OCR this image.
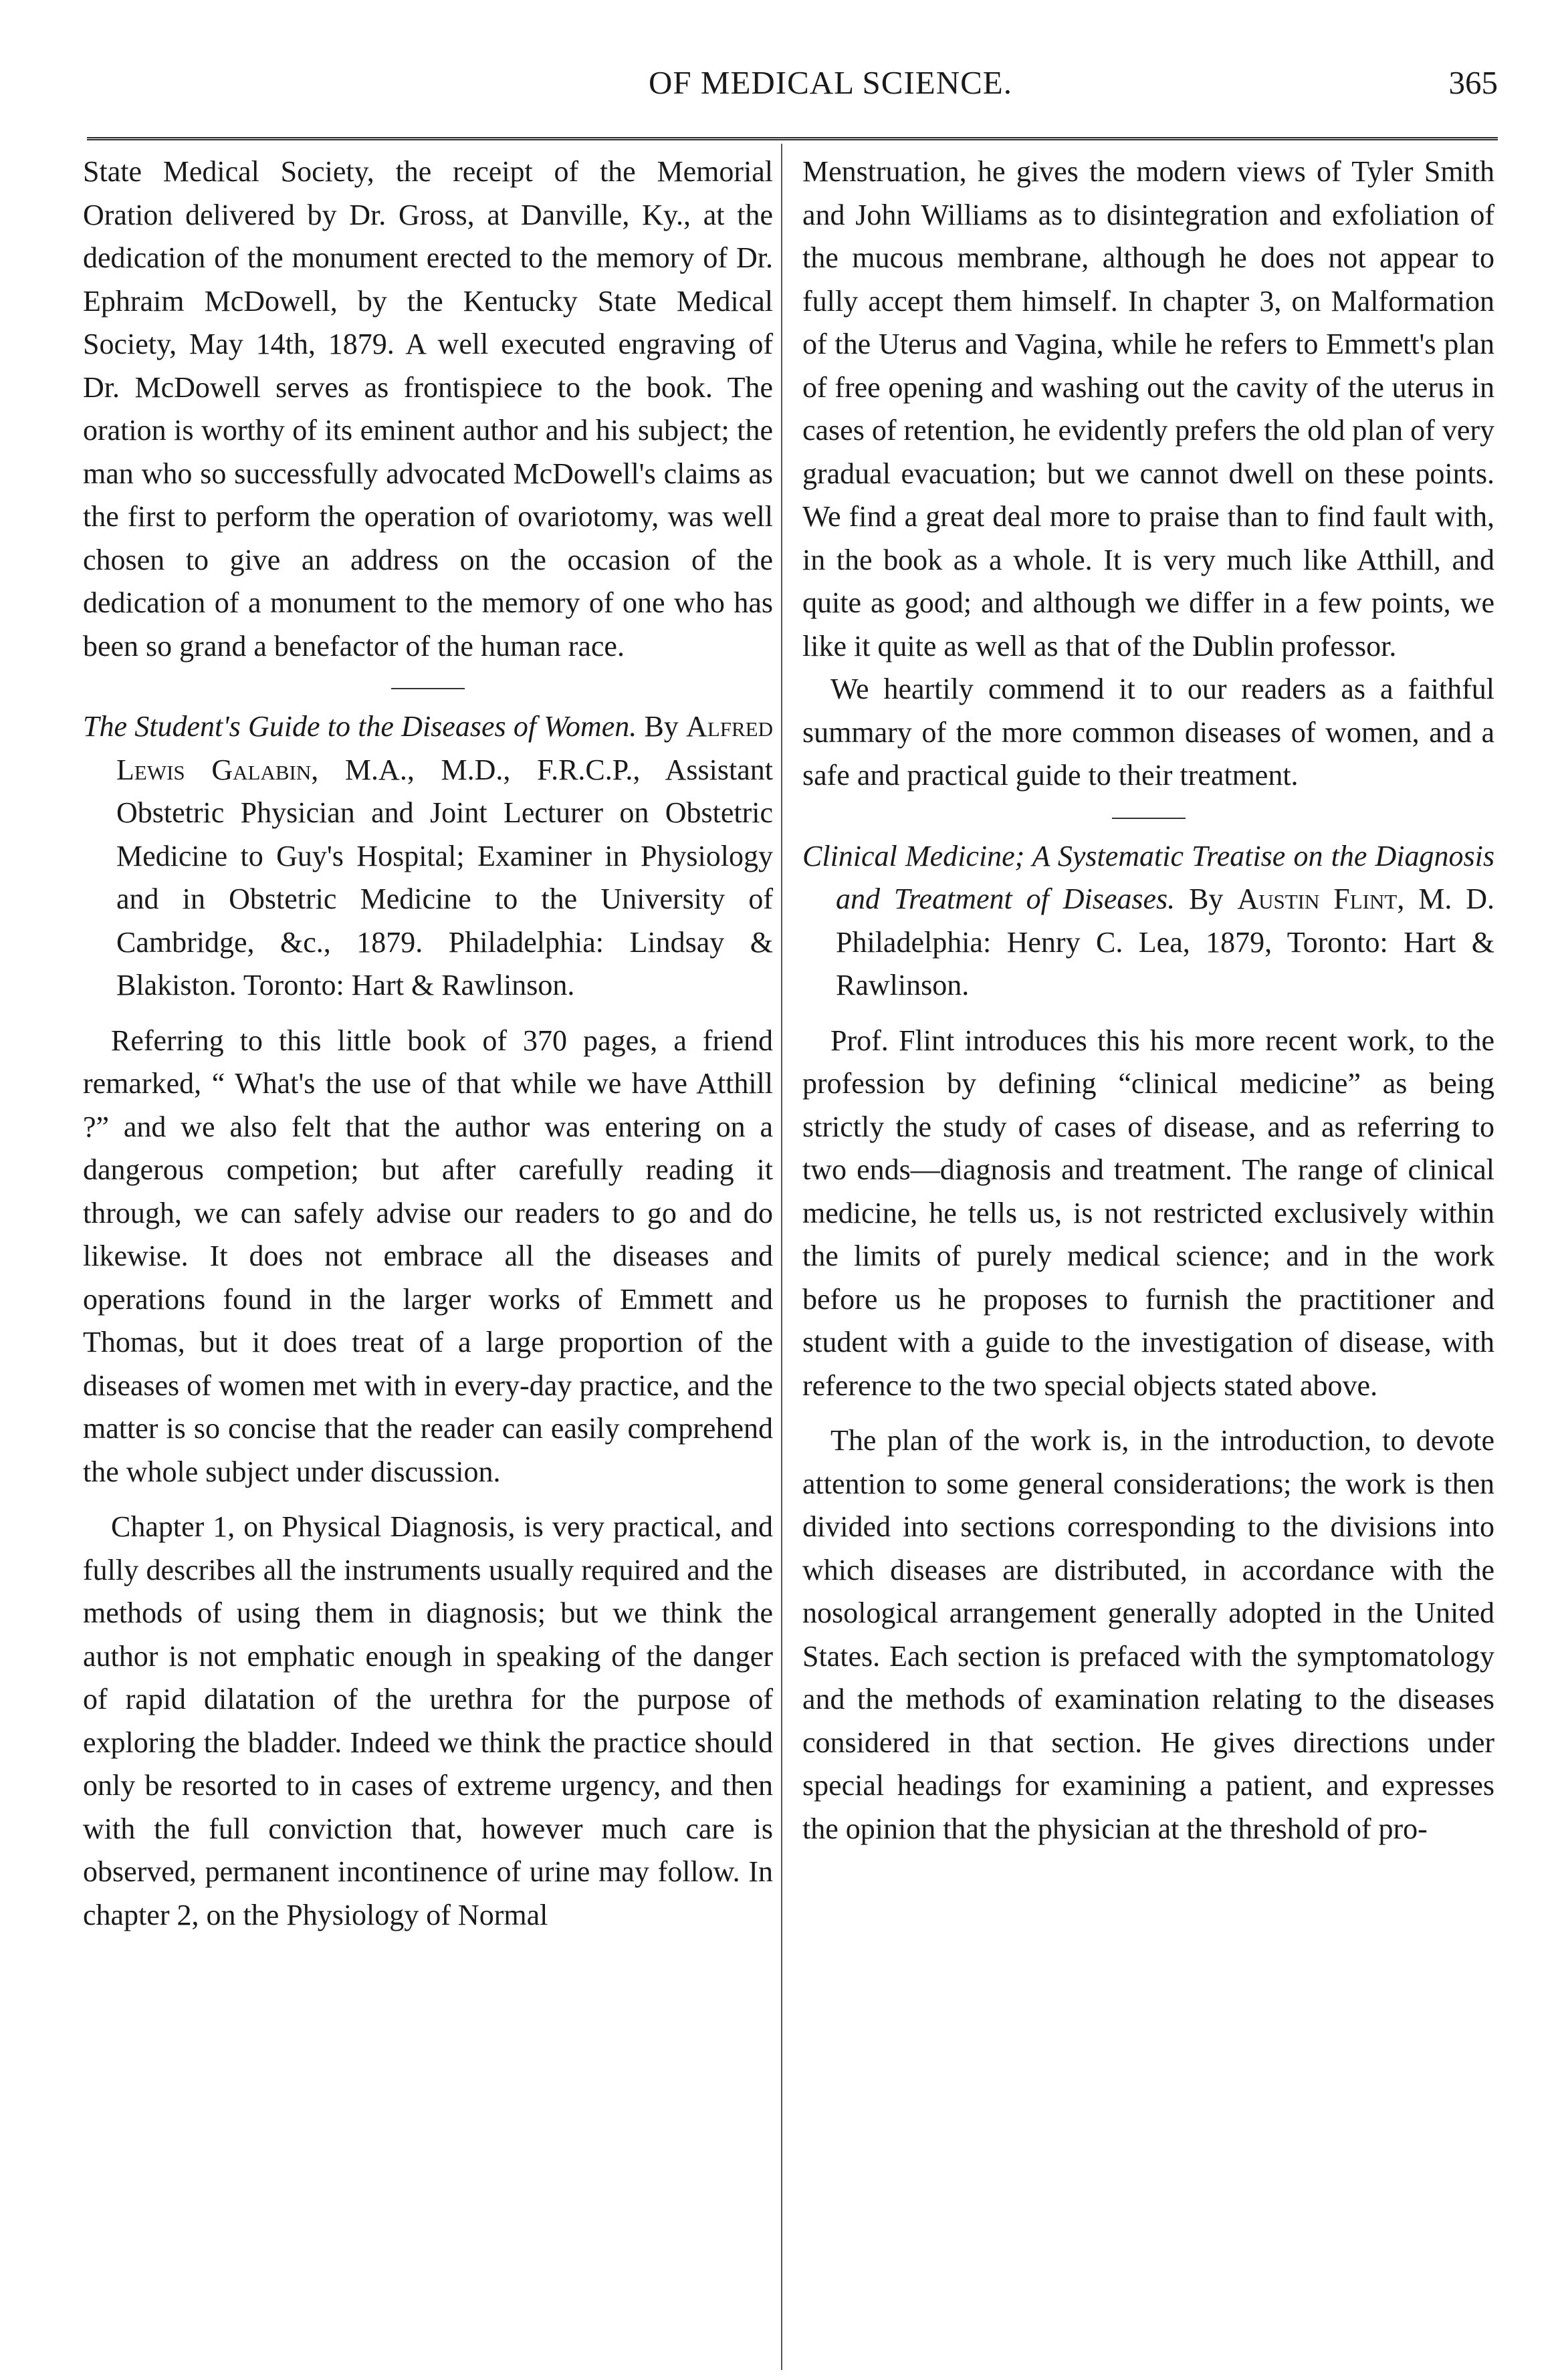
OF MEDICAL SCIENCE.	365

State Medical Society, the receipt of the Memorial Oration delivered by Dr. Gross, at Danville, Ky., at the dedication of the monument erected to the memory of Dr. Ephraim McDowell, by the Kentucky State Medical Society, May 14th, 1879. A well executed engraving of Dr. McDowell serves as frontispiece to the book. The oration is worthy of its eminent author and his subject; the man who so successfully advocated McDowell's claims as the first to perform the operation of ovariotomy, was well chosen to give an address on the occasion of the dedication of a monument to the memory of one who has been so grand a benefactor of the human race.

The Student's Guide to the Diseases of Women. By Alfred Lewis Galabin, M.A., M.D., F.R.C.P., Assistant Obstetric Physician and Joint Lecturer on Obstetric Medicine to Guy's Hospital; Examiner in Physiology and in Obstetric Medicine to the University of Cambridge, &c., 1879. Philadelphia: Lindsay & Blakiston. Toronto: Hart & Rawlinson.

Referring to this little book of 370 pages, a friend remarked, “ What's the use of that while we have Atthill ?” and we also felt that the author was entering on a dangerous competion; but after carefully reading it through, we can safely advise our readers to go and do likewise. It does not embrace all the diseases and operations found in the larger works of Emmett and Thomas, but it does treat of a large proportion of the diseases of women met with in every-day practice, and the matter is so concise that the reader can easily comprehend the whole subject under discussion.

Chapter 1, on Physical Diagnosis, is very practical, and fully describes all the instruments usually required and the methods of using them in diagnosis; but we think the author is not emphatic enough in speaking of the danger of rapid dilatation of the urethra for the purpose of exploring the bladder. Indeed we think the practice should only be resorted to in cases of extreme urgency, and then with the full conviction that, however much care is observed, permanent incontinence of urine may follow. In chapter 2, on the Physiology of Normal

Menstruation, he gives the modern views of Tyler Smith and John Williams as to disintegration and exfoliation of the mucous membrane, although he does not appear to fully accept them himself. In chapter 3, on Malformation of the Uterus and Vagina, while he refers to Emmett's plan of free opening and washing out the cavity of the uterus in cases of retention, he evidently prefers the old plan of very gradual evacuation; but we cannot dwell on these points. We find a great deal more to praise than to find fault with, in the book as a whole. It is very much like Atthill, and quite as good; and although we differ in a few points, we like it quite as well as that of the Dublin professor.

We heartily commend it to our readers as a faithful summary of the more common diseases of women, and a safe and practical guide to their treatment.

Clinical Medicine; A Systematic Treatise on the Diagnosis and Treatment of Diseases. By Austin Flint, M. D. Philadelphia: Henry C. Lea, 1879, Toronto: Hart & Rawlinson.

Prof. Flint introduces this his more recent work, to the profession by defining “clinical medicine” as being strictly the study of cases of disease, and as referring to two ends—diagnosis and treatment. The range of clinical medicine, he tells us, is not restricted exclusively within the limits of purely medical science; and in the work before us he proposes to furnish the practitioner and student with a guide to the investigation of disease, with reference to the two special objects stated above.

The plan of the work is, in the introduction, to devote attention to some general considerations; the work is then divided into sections corresponding to the divisions into which diseases are distributed, in accordance with the nosological arrangement generally adopted in the United States. Each section is prefaced with the symptomatology and the methods of examination relating to the diseases considered in that section. He gives directions under special headings for examining a patient, and expresses the opinion that the physician at the threshold of pro-
